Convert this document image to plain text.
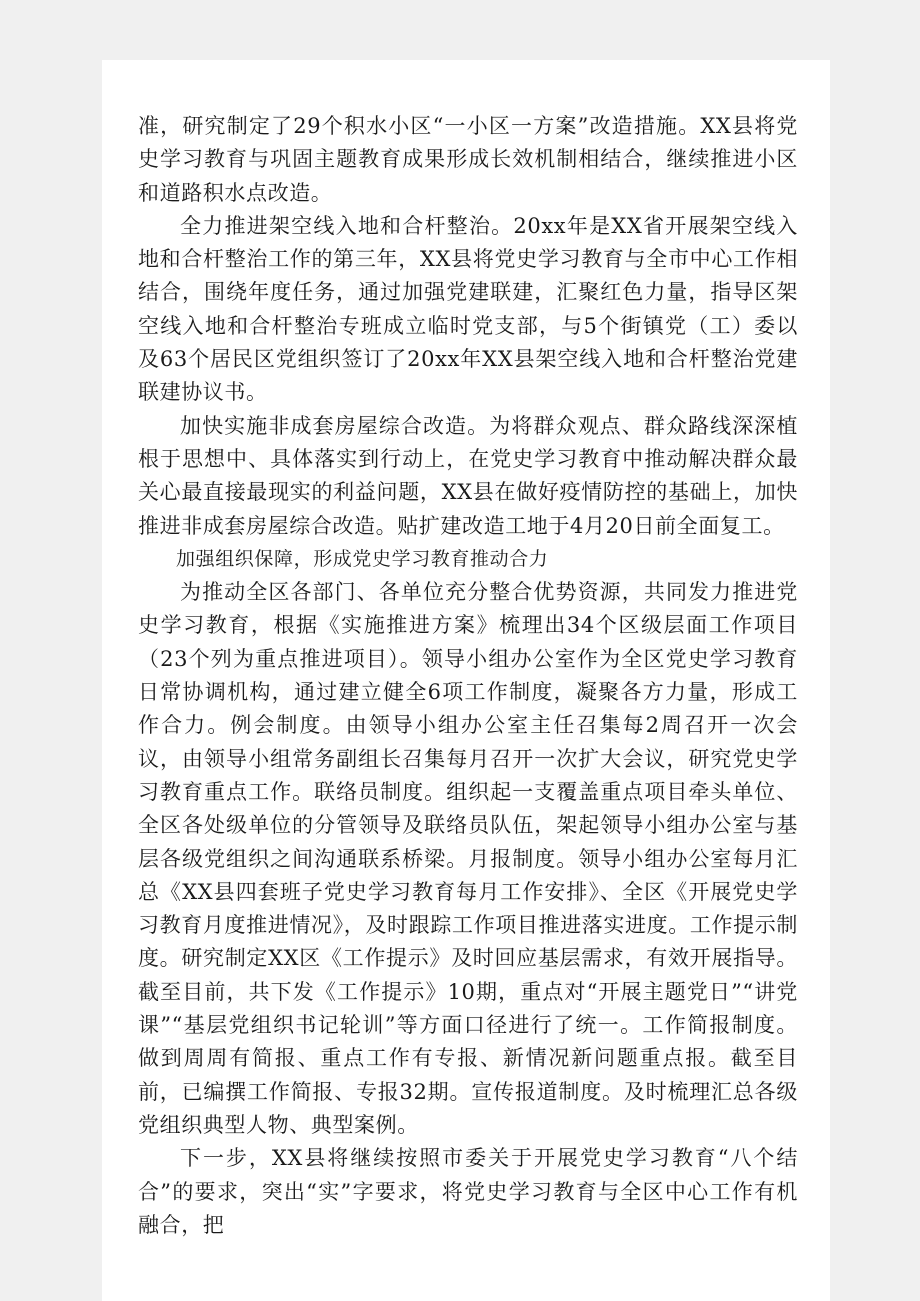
准，研究制定了29个积水小区“一小区一方案”改造措施。XX县将党史学习教育与巩固主题教育成果形成长效机制相结合，继续推进小区和道路积水点改造。

全力推进架空线入地和合杆整治。20xx年是XX省开展架空线入地和合杆整治工作的第三年，XX县将党史学习教育与全市中心工作相结合，围绕年度任务，通过加强党建联建，汇聚红色力量，指导区架空线入地和合杆整治专班成立临时党支部，与5个街镇党（工）委以及63个居民区党组织签订了20xx年XX县架空线入地和合杆整治党建联建协议书。

加快实施非成套房屋综合改造。为将群众观点、群众路线深深植根于思想中、具体落实到行动上，在党史学习教育中推动解决群众最关心最直接最现实的利益问题，XX县在做好疫情防控的基础上，加快推进非成套房屋综合改造。贴扩建改造工地于4月20日前全面复工。

加强组织保障，形成党史学习教育推动合力

为推动全区各部门、各单位充分整合优势资源，共同发力推进党史学习教育，根据《实施推进方案》梳理出34个区级层面工作项目（23个列为重点推进项目）。领导小组办公室作为全区党史学习教育日常协调机构，通过建立健全6项工作制度，凝聚各方力量，形成工作合力。例会制度。由领导小组办公室主任召集每2周召开一次会议，由领导小组常务副组长召集每月召开一次扩大会议，研究党史学习教育重点工作。联络员制度。组织起一支覆盖重点项目牵头单位、全区各处级单位的分管领导及联络员队伍，架起领导小组办公室与基层各级党组织之间沟通联系桥梁。月报制度。领导小组办公室每月汇总《XX县四套班子党史学习教育每月工作安排》、全区《开展党史学习教育月度推进情况》，及时跟踪工作项目推进落实进度。工作提示制度。研究制定XX区《工作提示》及时回应基层需求，有效开展指导。截至目前，共下发《工作提示》10期，重点对“开展主题党日”“讲党课”“基层党组织书记轮训”等方面口径进行了统一。工作简报制度。做到周周有简报、重点工作有专报、新情况新问题重点报。截至目前，已编撰工作简报、专报32期。宣传报道制度。及时梳理汇总各级党组织典型人物、典型案例。

下一步，XX县将继续按照市委关于开展党史学习教育“八个结合”的要求，突出“实”字要求，将党史学习教育与全区中心工作有机融合，把
